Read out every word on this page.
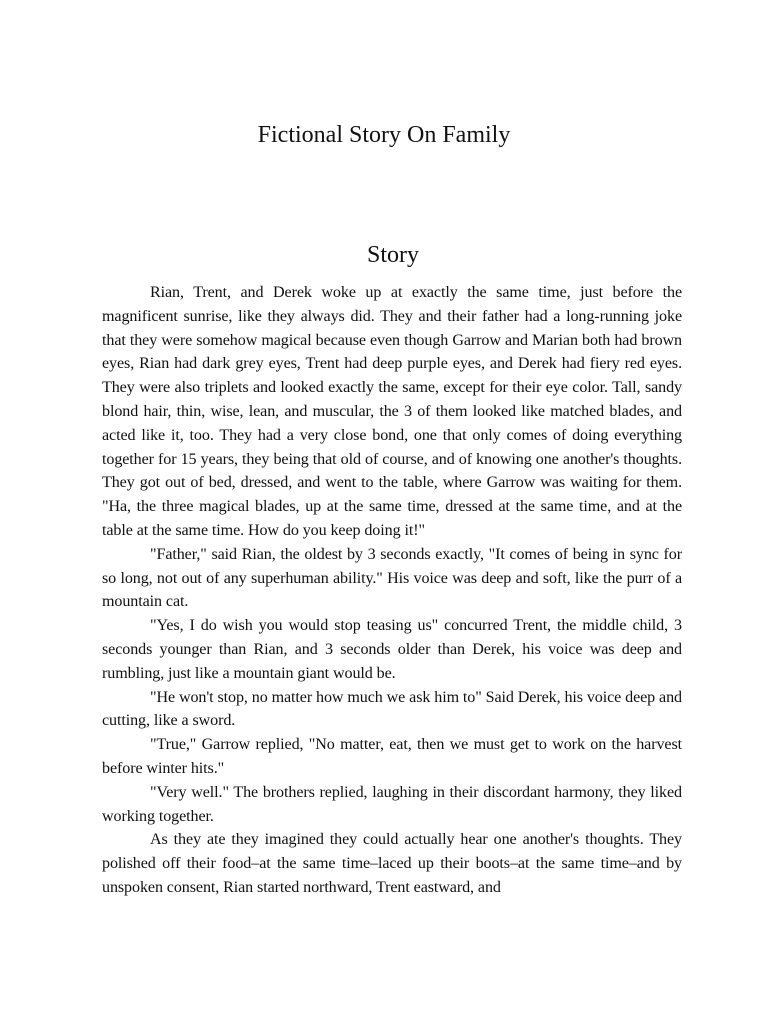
Fictional Story On Family
Story

Rian, Trent, and Derek woke up at exactly the same time, just before the magnificent sunrise, like they always did. They and their father had a long-running joke that they were somehow magical because even though Garrow and Marian both had brown eyes, Rian had dark grey eyes, Trent had deep purple eyes, and Derek had fiery red eyes. They were also triplets and looked exactly the same, except for their eye color. Tall, sandy blond hair, thin, wise, lean, and muscular, the 3 of them looked like matched blades, and acted like it, too. They had a very close bond, one that only comes of doing everything together for 15 years, they being that old of course, and of knowing one another's thoughts. They got out of bed, dressed, and went to the table, where Garrow was waiting for them. "Ha, the three magical blades, up at the same time, dressed at the same time, and at the table at the same time. How do you keep doing it!"

"Father," said Rian, the oldest by 3 seconds exactly, "It comes of being in sync for so long, not out of any superhuman ability." His voice was deep and soft, like the purr of a mountain cat.

"Yes, I do wish you would stop teasing us" concurred Trent, the middle child, 3 seconds younger than Rian, and 3 seconds older than Derek, his voice was deep and rumbling, just like a mountain giant would be.

"He won't stop, no matter how much we ask him to" Said Derek, his voice deep and cutting, like a sword.

"True," Garrow replied, "No matter, eat, then we must get to work on the harvest before winter hits."

"Very well." The brothers replied, laughing in their discordant harmony, they liked working together.

As they ate they imagined they could actually hear one another's thoughts. They polished off their food–at the same time–laced up their boots–at the same time–and by unspoken consent, Rian started northward, Trent eastward, and
